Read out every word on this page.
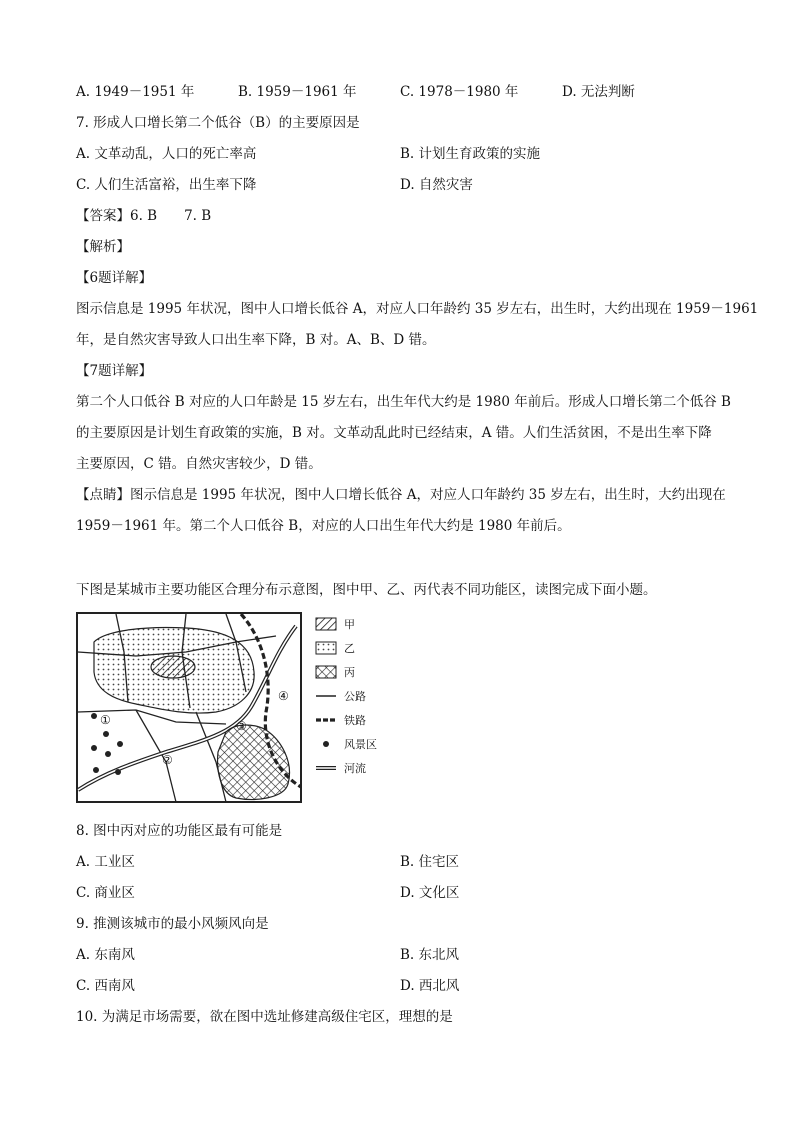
A. 1949－1951 年	B. 1959－1961 年	C. 1978－1980 年	D. 无法判断
7. 形成人口增长第二个低谷（B）的主要原因是
A. 文革动乱，人口的死亡率高	B. 计划生育政策的实施
C. 人们生活富裕，出生率下降	D. 自然灾害
【答案】6. B　　7. B
【解析】
【6题详解】
图示信息是 1995 年状况，图中人口增长低谷 A，对应人口年龄约 35 岁左右，出生时，大约出现在 1959－1961
年，是自然灾害导致人口出生率下降，B 对。A、B、D 错。
【7题详解】
第二个人口低谷 B 对应的人口年龄是 15 岁左右，出生年代大约是 1980 年前后。形成人口增长第二个低谷 B
的主要原因是计划生育政策的实施，B 对。文革动乱此时已经结束，A 错。人们生活贫困，不是出生率下降
主要原因，C 错。自然灾害较少，D 错。
【点睛】图示信息是 1995 年状况，图中人口增长低谷 A，对应人口年龄约 35 岁左右，出生时，大约出现在
1959－1961 年。第二个人口低谷 B，对应的人口出生年代大约是 1980 年前后。
下图是某城市主要功能区合理分布示意图，图中甲、乙、丙代表不同功能区，读图完成下面小题。
①
②
③
④
甲
乙
丙
公路
铁路
风景区
河流
8. 图中丙对应的功能区最有可能是
A. 工业区	B. 住宅区
C. 商业区	D. 文化区
9. 推测该城市的最小风频风向是
A. 东南风	B. 东北风
C. 西南风	D. 西北风
10. 为满足市场需要，欲在图中选址修建高级住宅区，理想的是
